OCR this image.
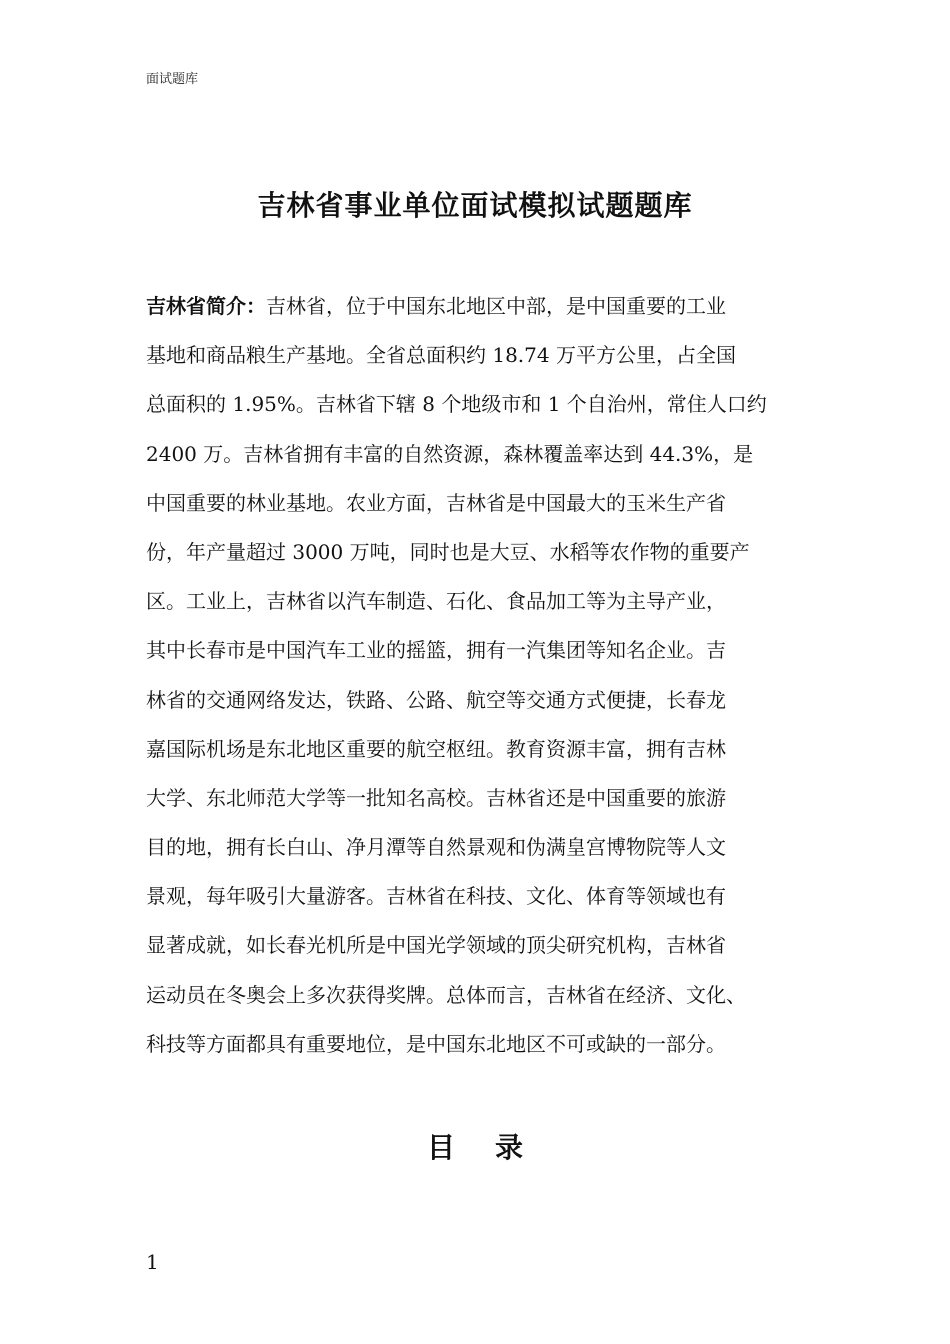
面试题库
吉林省事业单位面试模拟试题题库
吉林省简介：吉林省，位于中国东北地区中部，是中国重要的工业
基地和商品粮生产基地。全省总面积约 18.74 万平方公里，占全国
总面积的 1.95%。吉林省下辖 8 个地级市和 1 个自治州，常住人口约
2400 万。吉林省拥有丰富的自然资源，森林覆盖率达到 44.3%，是
中国重要的林业基地。农业方面，吉林省是中国最大的玉米生产省
份，年产量超过 3000 万吨，同时也是大豆、水稻等农作物的重要产
区。工业上，吉林省以汽车制造、石化、食品加工等为主导产业，
其中长春市是中国汽车工业的摇篮，拥有一汽集团等知名企业。吉
林省的交通网络发达，铁路、公路、航空等交通方式便捷，长春龙
嘉国际机场是东北地区重要的航空枢纽。教育资源丰富，拥有吉林
大学、东北师范大学等一批知名高校。吉林省还是中国重要的旅游
目的地，拥有长白山、净月潭等自然景观和伪满皇宫博物院等人文
景观，每年吸引大量游客。吉林省在科技、文化、体育等领域也有
显著成就，如长春光机所是中国光学领域的顶尖研究机构，吉林省
运动员在冬奥会上多次获得奖牌。总体而言，吉林省在经济、文化、
科技等方面都具有重要地位，是中国东北地区不可或缺的一部分。
目 录
1
